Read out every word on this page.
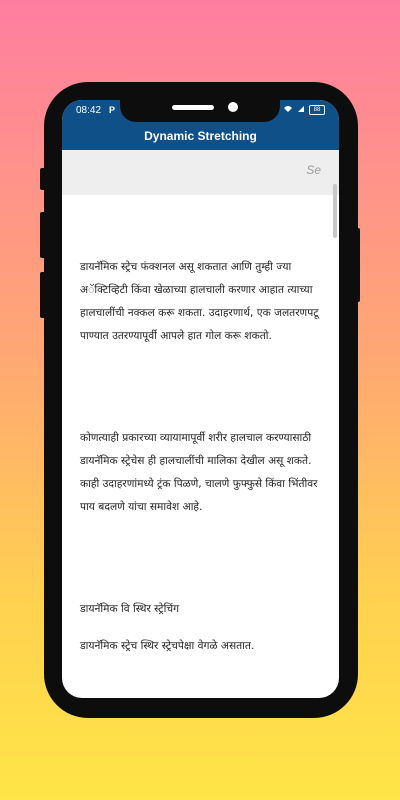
08:42 P	88
Dynamic Stretching
Se

डायनॅमिक स्ट्रेच फंक्शनल असू शकतात आणि तुम्ही ज्या अॅक्टिव्हिटी किंवा खेळाच्या हालचाली करणार आहात त्याच्या हालचालींची नक्कल करू शकता. उदाहरणार्थ, एक जलतरणपटू पाण्यात उतरण्यापूर्वी आपले हात गोल करू शकतो.

कोणत्याही प्रकारच्या व्यायामापूर्वी शरीर हालचाल करण्यासाठी डायनॅमिक स्ट्रेचेस ही हालचालींची मालिका देखील असू शकते. काही उदाहरणांमध्ये ट्रंक पिळणे, चालणे फुफ्फुसे किंवा भिंतीवर पाय बदलणे यांचा समावेश आहे.

डायनॅमिक वि स्थिर स्ट्रेचिंग

डायनॅमिक स्ट्रेच स्थिर स्ट्रेचपेक्षा वेगळे असतात.
